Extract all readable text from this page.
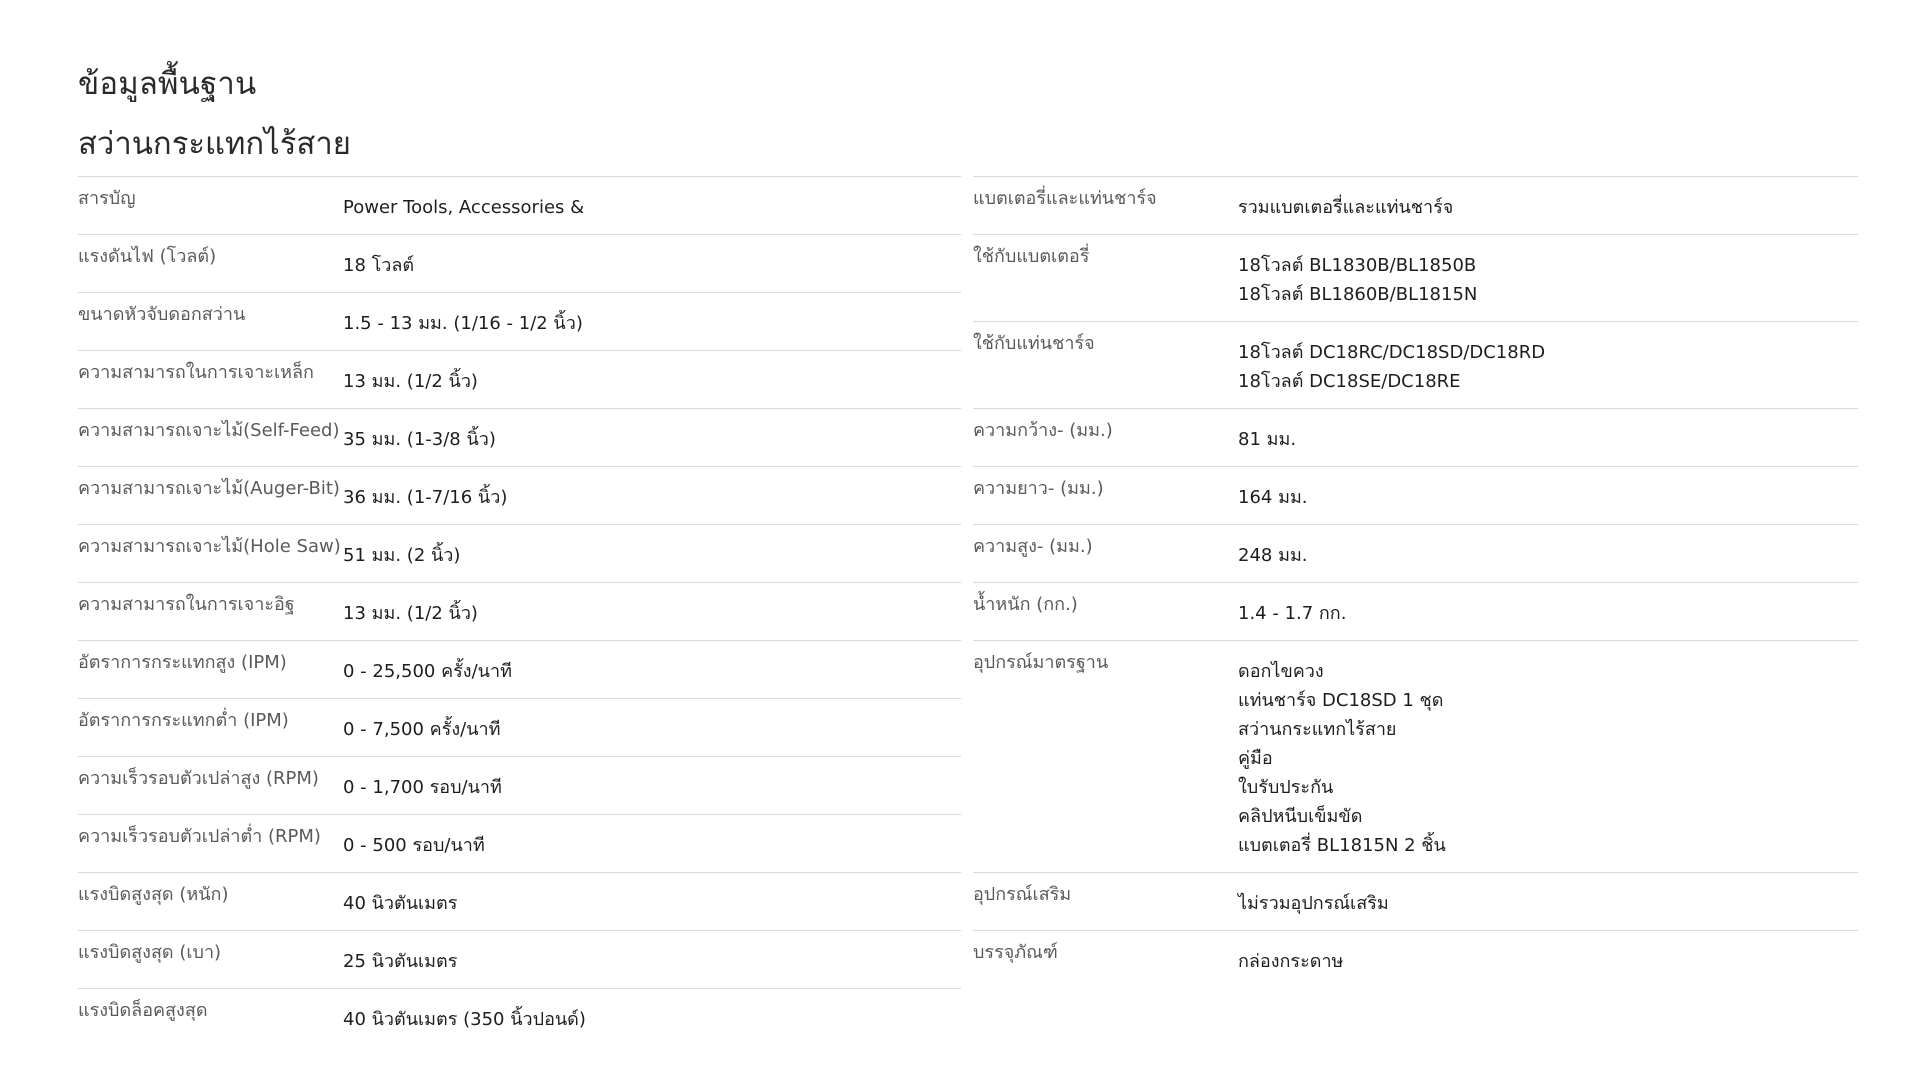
ข้อมูลพื้นฐาน
สว่านกระแทกไร้สาย
สารบัญ	Power Tools, Accessories &
แรงดันไฟ (โวลต์)	18 โวลต์
ขนาดหัวจับดอกสว่าน	1.5 - 13 มม. (1/16 - 1/2 นิ้ว)
ความสามารถในการเจาะเหล็ก	13 มม. (1/2 นิ้ว)
ความสามารถเจาะไม้(Self-Feed) 35 มม. (1-3/8 นิ้ว)
ความสามารถเจาะไม้(Auger-Bit) 36 มม. (1-7/16 นิ้ว)
ความสามารถเจาะไม้(Hole Saw) 51 มม. (2 นิ้ว)
ความสามารถในการเจาะอิฐ	13 มม. (1/2 นิ้ว)
อัตราการกระแทกสูง (IPM)	0 - 25,500 ครั้ง/นาที
อัตราการกระแทกต่ำ (IPM)	0 - 7,500 ครั้ง/นาที
ความเร็วรอบตัวเปล่าสูง (RPM)	0 - 1,700 รอบ/นาที
ความเร็วรอบตัวเปล่าต่ำ (RPM)	0 - 500 รอบ/นาที
แรงบิดสูงสุด (หนัก)	40 นิวตันเมตร
แรงบิดสูงสุด (เบา)	25 นิวตันเมตร
แรงบิดล็อคสูงสุด	40 นิวตันเมตร (350 นิ้วปอนด์)
แบตเตอรี่และแท่นชาร์จ	รวมแบตเตอรี่และแท่นชาร์จ
ใช้กับแบตเตอรี่	18โวลต์ BL1830B/BL1850B
18โวลต์ BL1860B/BL1815N
ใช้กับแท่นชาร์จ	18โวลต์ DC18RC/DC18SD/DC18RD
18โวลต์ DC18SE/DC18RE
ความกว้าง- (มม.)	81 มม.
ความยาว- (มม.)	164 มม.
ความสูง- (มม.)	248 มม.
น้ำหนัก (กก.)	1.4 - 1.7 กก.
อุปกรณ์มาตรฐาน	ดอกไขควง
แท่นชาร์จ DC18SD 1 ชุด
สว่านกระแทกไร้สาย
คู่มือ
ใบรับประกัน
คลิปหนีบเข็มขัด
แบตเตอรี่ BL1815N 2 ชิ้น
อุปกรณ์เสริม	ไม่รวมอุปกรณ์เสริม
บรรจุภัณฑ์	กล่องกระดาษ
